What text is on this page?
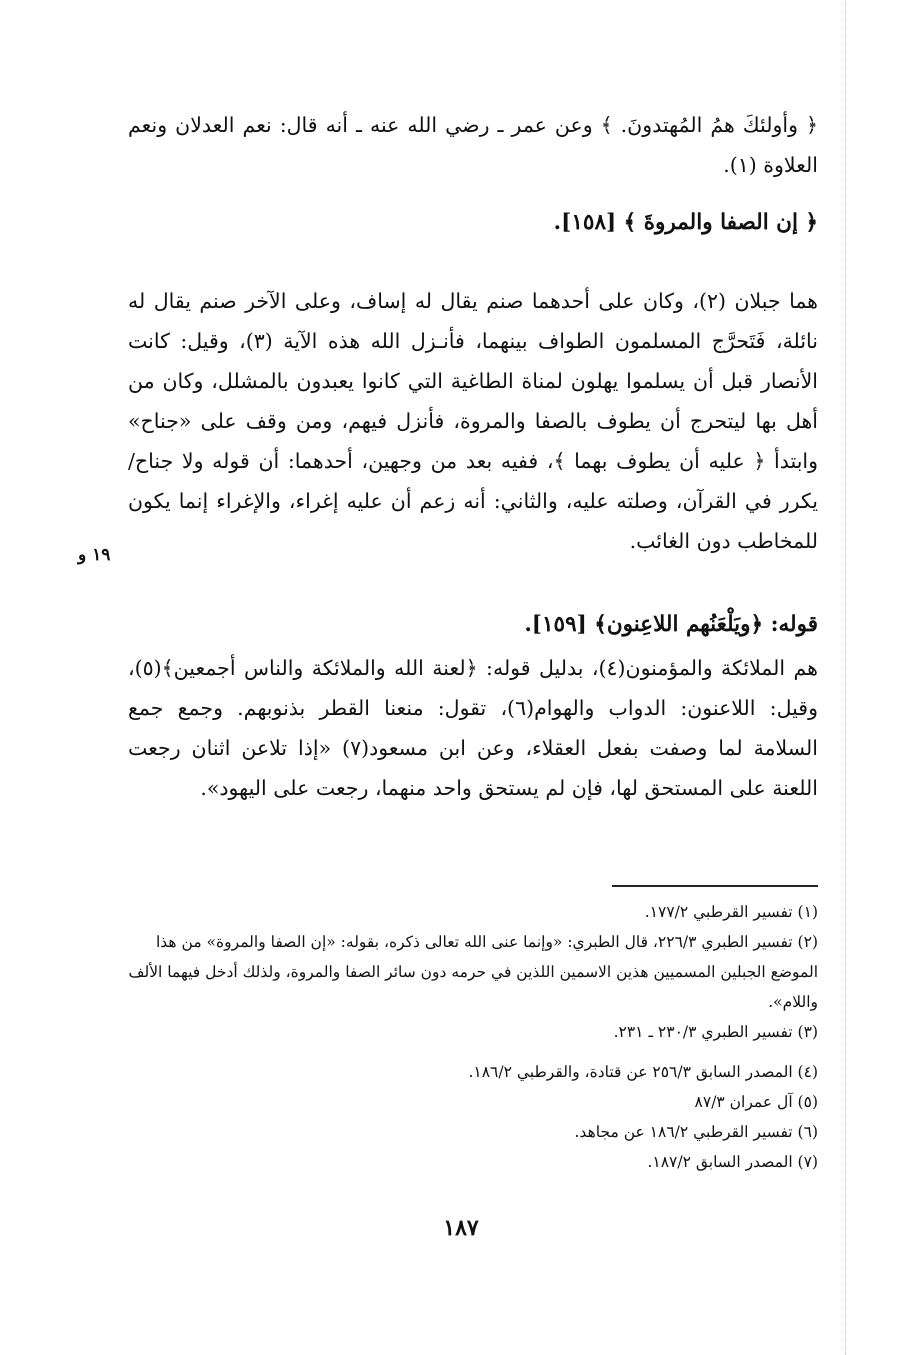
﴿ وأولئكَ همُ المُهتدونَ. ﴾ وعن عمر ـ رضي الله عنه ـ أنه قال: نعم العدلان ونعم العلاوة (١).

﴿ إن الصفا والمروةَ ﴾ [١٥٨].

هما جبلان (٢)، وكان على أحدهما صنم يقال له إساف، وعلى الآخر صنم يقال له نائلة، فَتَحرَّج المسلمون الطواف بينهما، فأنـزل الله هذه الآية (٣)، وقيل: كانت الأنصار قبل أن يسلموا يهلون لمناة الطاغية التي كانوا يعبدون بالمشلل، وكان من أهل بها ليتحرج أن يطوف بالصفا والمروة، فأنزل فيهم، ومن وقف على «جناح» وابتدأ ﴿ عليه أن يطوف بهما ﴾، ففيه بعد من وجهين، أحدهما: أن قوله ولا جناح/ يكرر في القرآن، وصلته عليه، والثاني: أنه زعم أن عليه إغراء، والإغراء إنما يكون للمخاطب دون الغائب.

١٩ و

قوله: ﴿ويَلْعَنُهم اللاعِنون﴾ [١٥٩].

هم الملائكة والمؤمنون(٤)، بدليل قوله: ﴿لعنة الله والملائكة والناس أجمعين﴾(٥)، وقيل: اللاعنون: الدواب والهوام(٦)، تقول: منعنا القطر بذنوبهم. وجمع جمع السلامة لما وصفت بفعل العقلاء، وعن ابن مسعود(٧) «إذا تلاعن اثنان رجعت اللعنة على المستحق لها، فإن لم يستحق واحد منهما، رجعت على اليهود».

(١) تفسير القرطبي ١٧٧/٢.
(٢) تفسير الطبري ٢٢٦/٣، قال الطبري: «وإنما عنى الله تعالى ذكره، بقوله: «إن الصفا والمروة» من هذا الموضع الجبلين المسميين هذين الاسمين اللذين في حرمه دون سائر الصفا والمروة، ولذلك أدخل فيهما الألف واللام».
(٣) تفسير الطبري ٢٣٠/٣ ـ ٢٣١.
(٤) المصدر السابق ٢٥٦/٣ عن قتادة، والقرطبي ١٨٦/٢.
(٥) آل عمران ٨٧/٣
(٦) تفسير القرطبي ١٨٦/٢ عن مجاهد.
(٧) المصدر السابق ١٨٧/٢.
١٨٧
